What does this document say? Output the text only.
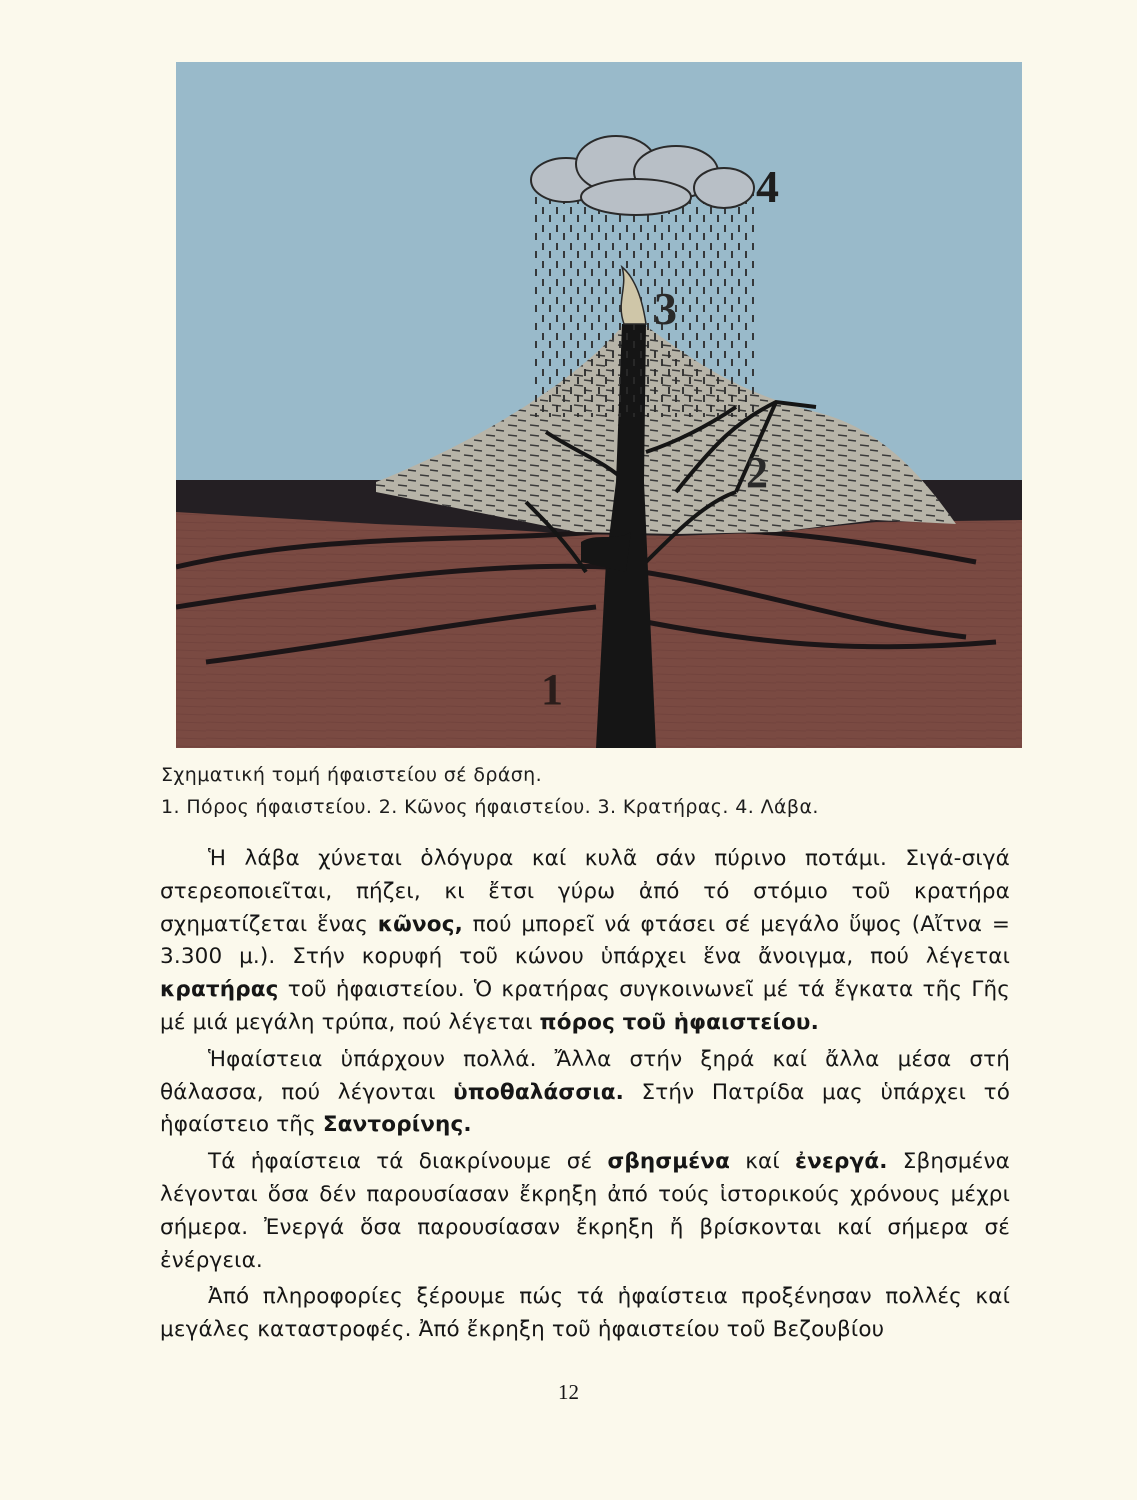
1
2
3
4

Σχηματική τομή ήφαιστείου σέ δράση.

1. Πόρος ήφαιστείου. 2. Κῶνος ήφαιστείου. 3. Κρατήρας. 4. Λάβα.

Ἡ λάβα χύνεται ὁλόγυρα καί κυλᾶ σάν πύρινο ποτάμι. Σιγά-σιγά στερεοποιεῖται, πήζει, κι ἔτσι γύρω ἀπό τό στόμιο τοῦ κρατήρα σχηματίζεται ἕνας κῶνος, πού μπορεῖ νά φτάσει σέ μεγάλο ὕψος (Αἴτνα = 3.300 μ.). Στήν κορυφή τοῦ κώνου ὑπάρχει ἕνα ἄνοιγμα, πού λέγεται κρατήρας τοῦ ἡφαιστείου. Ὁ κρατήρας συγκοινωνεῖ μέ τά ἔγκατα τῆς Γῆς μέ μιά μεγάλη τρύπα, πού λέγεται πόρος τοῦ ἡφαιστείου.

Ἡφαίστεια ὑπάρχουν πολλά. Ἄλλα στήν ξηρά καί ἄλλα μέσα στή θάλασσα, πού λέγονται ὑποθαλάσσια. Στήν Πατρίδα μας ὑπάρχει τό ἡφαίστειο τῆς Σαντορίνης.

Τά ἡφαίστεια τά διακρίνουμε σέ σβησμένα καί ἐνεργά. Σβησμένα λέγονται ὅσα δέν παρουσίασαν ἔκρηξη ἀπό τούς ἱστορικούς χρόνους μέχρι σήμερα. Ἐνεργά ὅσα παρουσίασαν ἔκρηξη ἤ βρίσκονται καί σήμερα σέ ἐνέργεια.

Ἀπό πληροφορίες ξέρουμε πώς τά ἡφαίστεια προξένησαν πολλές καί μεγάλες καταστροφές. Ἀπό ἔκρηξη τοῦ ἡφαιστείου τοῦ Βεζουβίου

12
